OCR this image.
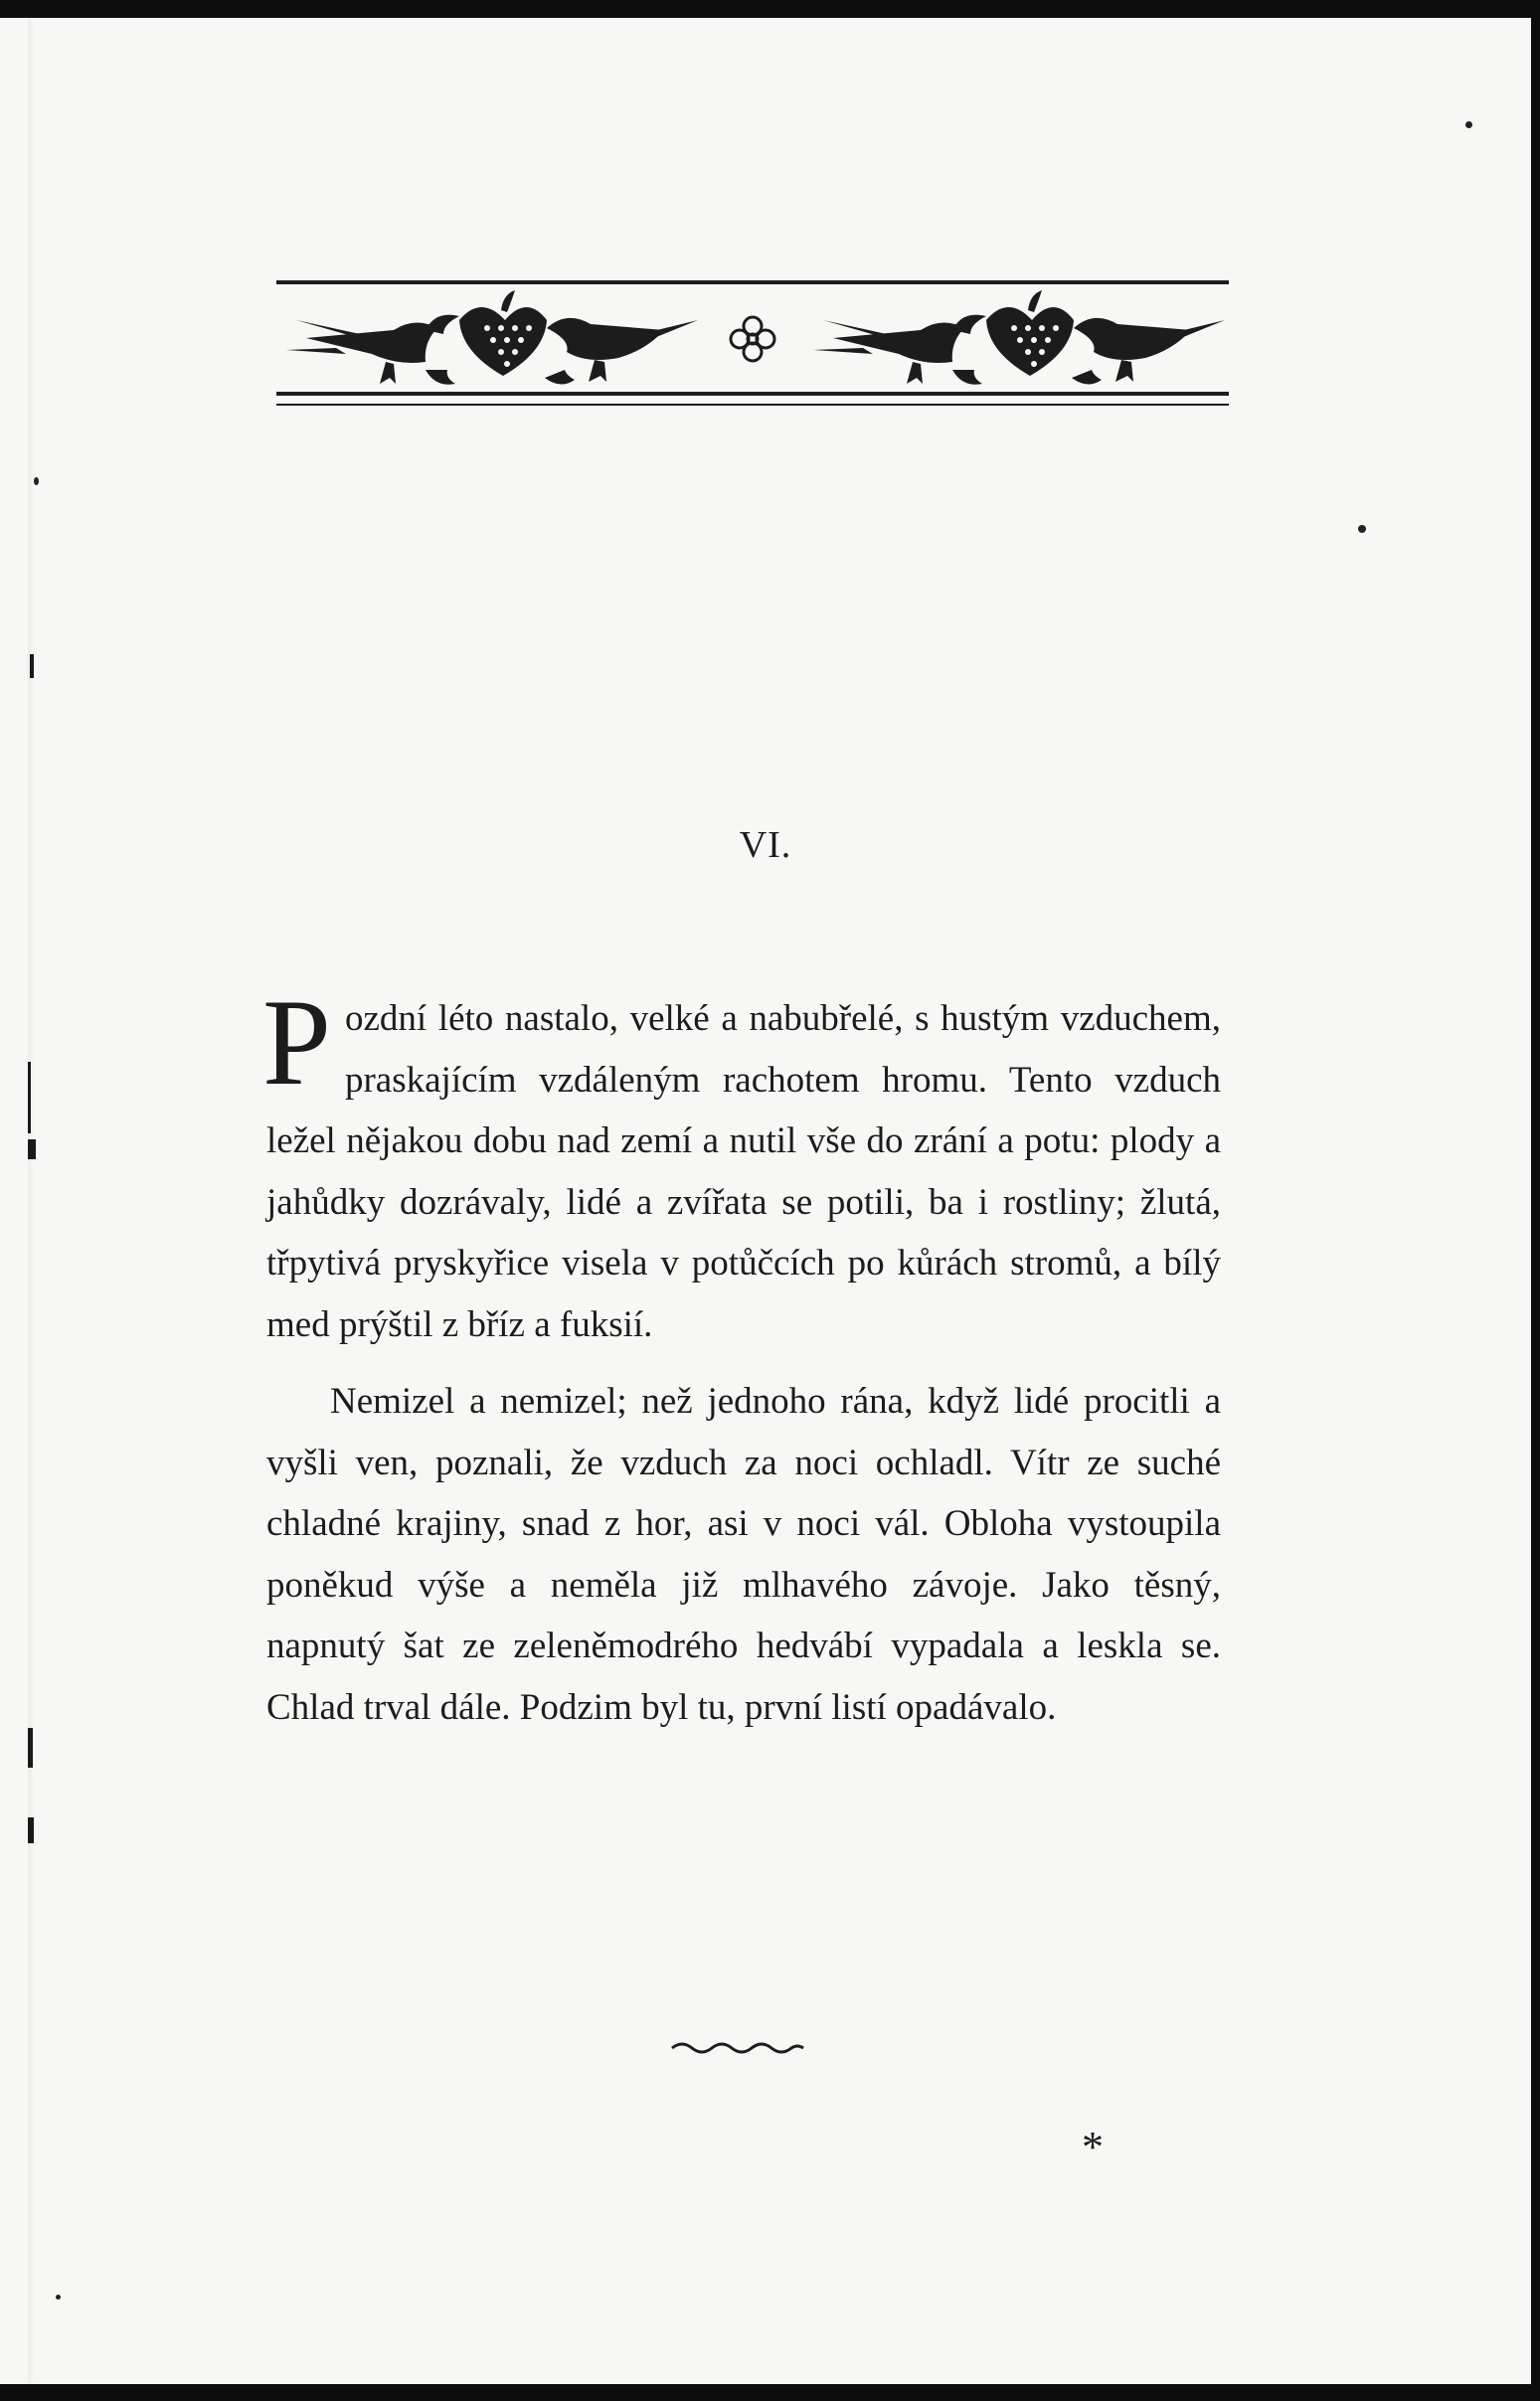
VI.

Pozdní léto nastalo, velké a nabubřelé, s hustým vzduchem, praskajícím vzdáleným rachotem hromu. Tento vzduch ležel nějakou dobu nad zemí a nutil vše do zrání a potu: plody a jahůdky dozrávaly, lidé a zvířata se potili, ba i rostliny; žlutá, třpytivá pryskyřice visela v potůčcích po kůrách stromů, a bílý med prýštil z bříz a fuksií.

Nemizel a nemizel; než jednoho rána, když lidé procitli a vyšli ven, poznali, že vzduch za noci ochladl. Vítr ze suché chladné krajiny, snad z hor, asi v noci vál. Obloha vystoupila poněkud výše a neměla již mlhavého závoje. Jako těsný, napnutý šat ze zeleněmodrého hedvábí vypadala a leskla se. Chlad trval dále. Podzim byl tu, první listí opadávalo.

*
